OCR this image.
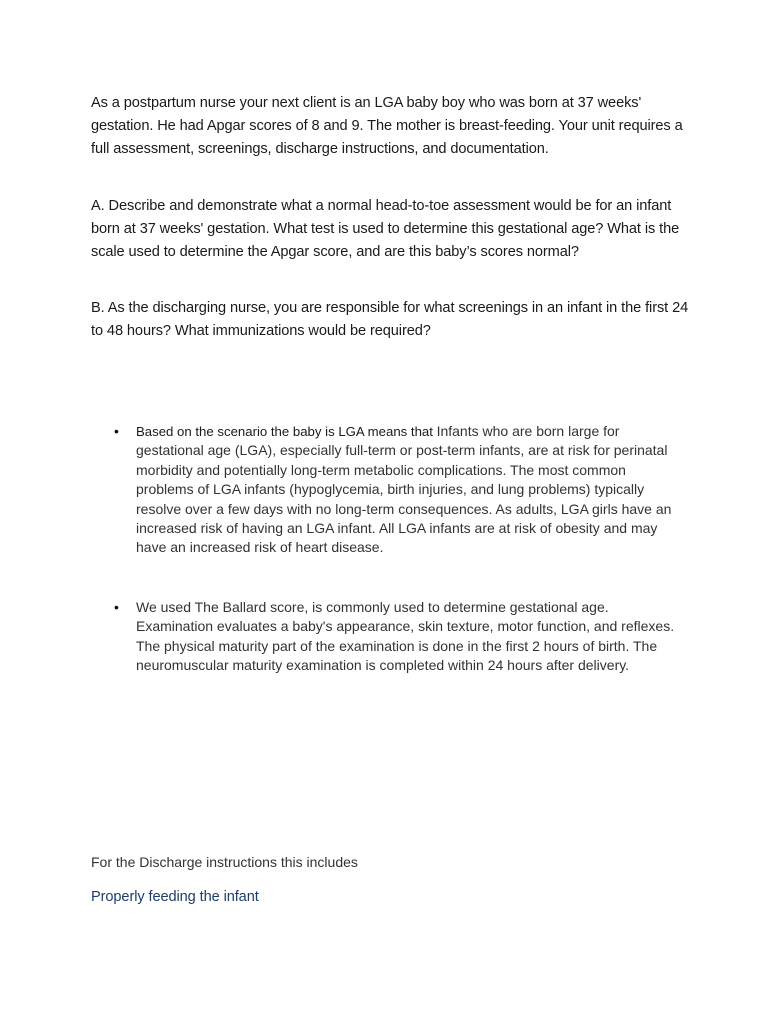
As a postpartum nurse your next client is an LGA baby boy who was born at 37 weeks' gestation. He had Apgar scores of 8 and 9. The mother is breast-feeding. Your unit requires a full assessment, screenings, discharge instructions, and documentation.

A. Describe and demonstrate what a normal head-to-toe assessment would be for an infant born at 37 weeks' gestation. What test is used to determine this gestational age? What is the scale used to determine the Apgar score, and are this baby’s scores normal?

B. As the discharging nurse, you are responsible for what screenings in an infant in the first 24 to 48 hours? What immunizations would be required?

• Based on the scenario the baby is LGA means that Infants who are born large for gestational age (LGA), especially full-term or post-term infants, are at risk for perinatal morbidity and potentially long-term metabolic complications. The most common problems of LGA infants (hypoglycemia, birth injuries, and lung problems) typically resolve over a few days with no long-term consequences. As adults, LGA girls have an increased risk of having an LGA infant. All LGA infants are at risk of obesity and may have an increased risk of heart disease.
• We used The Ballard score, is commonly used to determine gestational age. Examination evaluates a baby's appearance, skin texture, motor function, and reflexes. The physical maturity part of the examination is done in the first 2 hours of birth. The neuromuscular maturity examination is completed within 24 hours after delivery.

For the Discharge instructions this includes

Properly feeding the infant
